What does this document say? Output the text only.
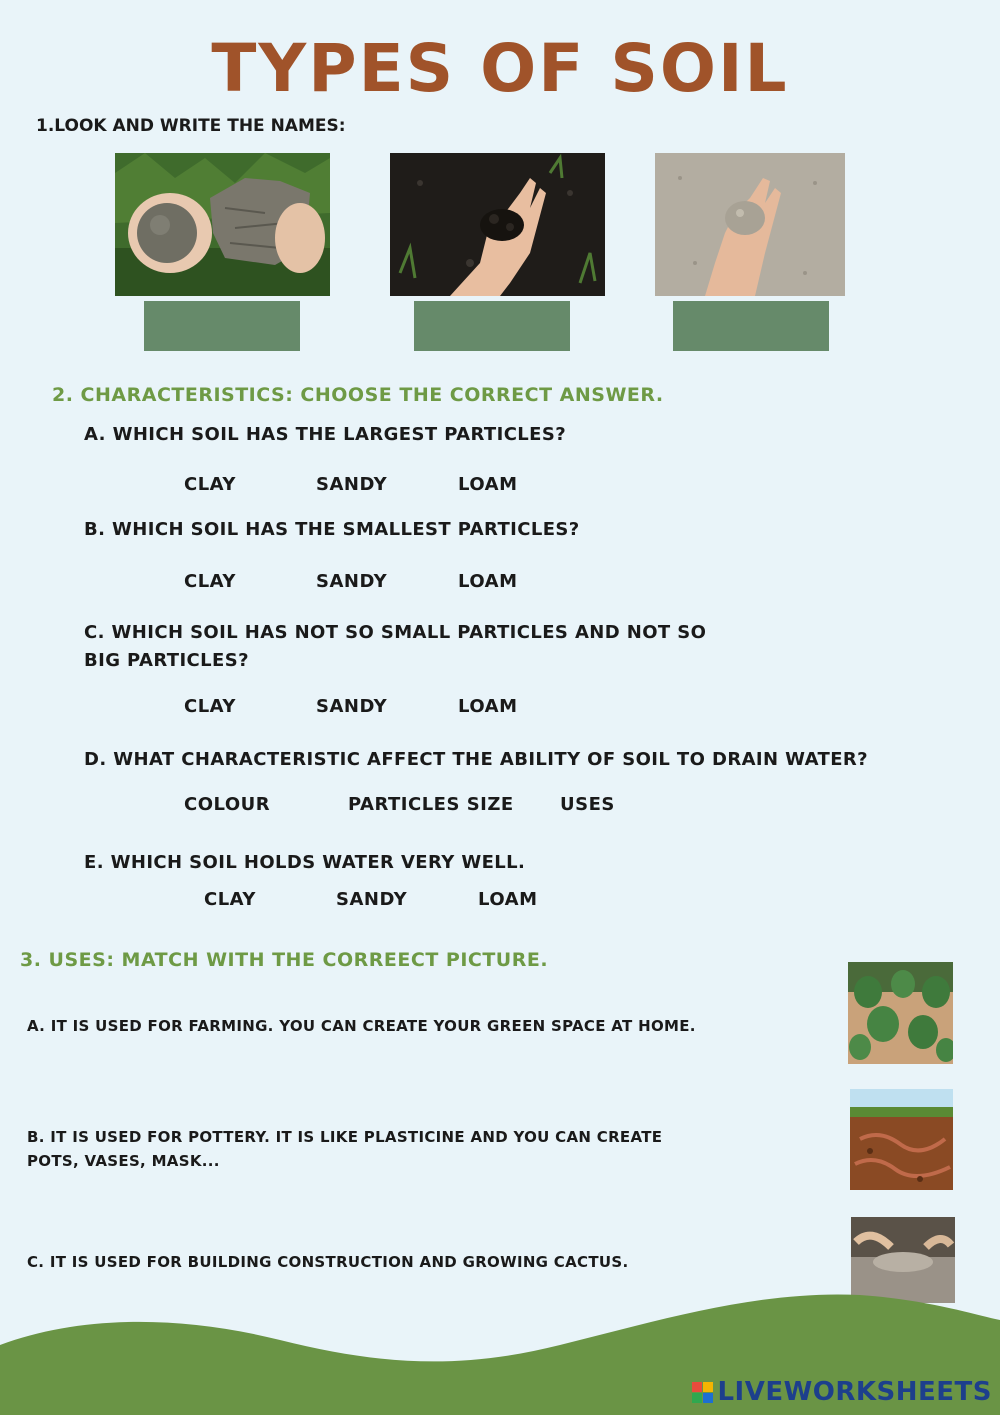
TYPES OF SOIL
1.LOOK AND WRITE THE NAMES:
2. CHARACTERISTICS: CHOOSE THE CORRECT ANSWER.
A. WHICH SOIL HAS THE LARGEST PARTICLES?
CLAY	SANDY	LOAM
B. WHICH SOIL HAS THE SMALLEST PARTICLES?
CLAY	SANDY	LOAM
C. WHICH SOIL HAS NOT SO SMALL PARTICLES AND NOT SO
BIG PARTICLES?
CLAY	SANDY	LOAM
D. WHAT CHARACTERISTIC AFFECT THE ABILITY OF SOIL TO DRAIN WATER?
COLOUR	PARTICLES SIZE	USES
E. WHICH SOIL HOLDS WATER VERY WELL.
CLAY	SANDY	LOAM
3. USES: MATCH WITH THE CORREECT PICTURE.
A. IT IS USED FOR FARMING. YOU CAN CREATE YOUR GREEN SPACE AT HOME.
B. IT IS USED FOR POTTERY. IT IS LIKE PLASTICINE AND YOU CAN CREATE
POTS, VASES, MASK...
C. IT IS USED FOR BUILDING CONSTRUCTION AND GROWING CACTUS.
LIVEWORKSHEETS
